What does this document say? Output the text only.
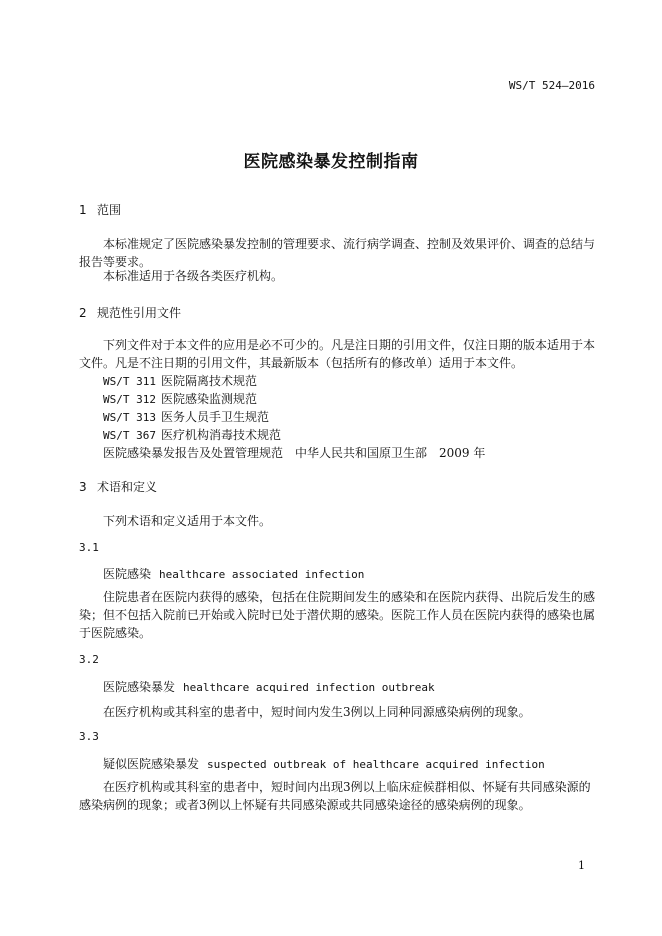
WS/T 524—2016
医院感染暴发控制指南
1 范围
本标准规定了医院感染暴发控制的管理要求、流行病学调查、控制及效果评价、调查的总结与报告等要求。
本标准适用于各级各类医疗机构。
2 规范性引用文件
下列文件对于本文件的应用是必不可少的。凡是注日期的引用文件，仅注日期的版本适用于本文件。凡是不注日期的引用文件，其最新版本（包括所有的修改单）适用于本文件。
WS/T 311 医院隔离技术规范
WS/T 312 医院感染监测规范
WS/T 313 医务人员手卫生规范
WS/T 367 医疗机构消毒技术规范
医院感染暴发报告及处置管理规范　中华人民共和国原卫生部　2009 年
3 术语和定义
下列术语和定义适用于本文件。
3.1
医院感染 healthcare associated infection
住院患者在医院内获得的感染，包括在住院期间发生的感染和在医院内获得、出院后发生的感染；但不包括入院前已开始或入院时已处于潜伏期的感染。医院工作人员在医院内获得的感染也属于医院感染。
3.2
医院感染暴发 healthcare acquired infection outbreak
在医疗机构或其科室的患者中，短时间内发生3例以上同种同源感染病例的现象。
3.3
疑似医院感染暴发 suspected outbreak of healthcare acquired infection
在医疗机构或其科室的患者中，短时间内出现3例以上临床症候群相似、怀疑有共同感染源的感染病例的现象；或者3例以上怀疑有共同感染源或共同感染途径的感染病例的现象。
1
